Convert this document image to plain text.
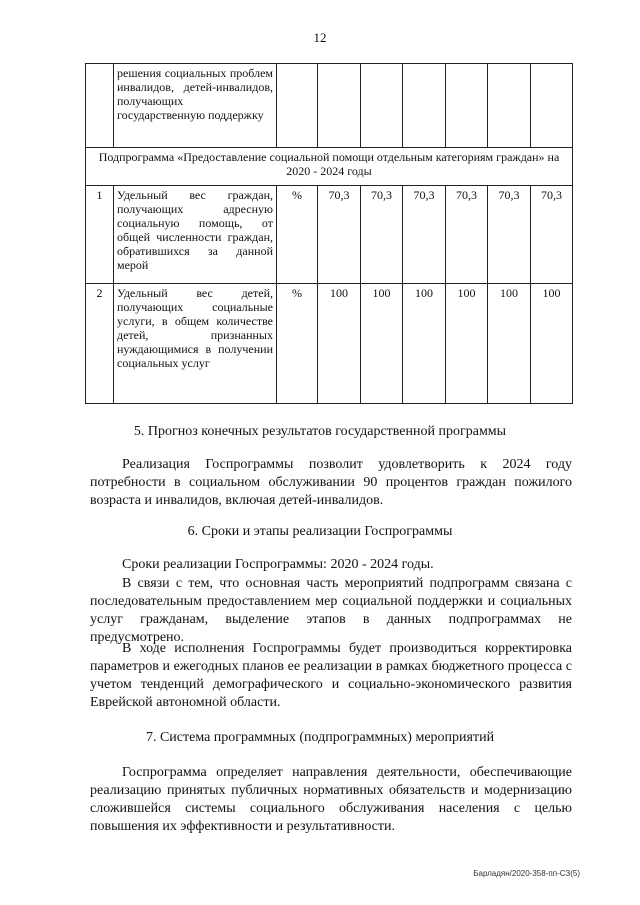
12
	решения социальных проблем инвалидов, детей-инвалидов, получающих государственную поддержку							
Подпрограмма «Предоставление социальной помощи отдельным категориям граждан» на 2020 - 2024 годы								
1	Удельный вес граждан, получающих адресную социальную помощь, от общей численности граждан, обратившихся за данной мерой	%	70,3	70,3	70,3	70,3	70,3	70,3
2	Удельный вес детей, получающих социальные услуги, в общем количестве детей, признанных нуждающимися в получении социальных услуг	%	100	100	100	100	100	100
5. Прогноз конечных результатов государственной программы
Реализация Госпрограммы позволит удовлетворить к 2024 году потребности в социальном обслуживании 90 процентов граждан пожилого возраста и инвалидов, включая детей-инвалидов.
6. Сроки и этапы реализации Госпрограммы
Сроки реализации Госпрограммы: 2020 - 2024 годы.
В связи с тем, что основная часть мероприятий подпрограмм связана с последовательным предоставлением мер социальной поддержки и социальных услуг гражданам, выделение этапов в данных подпрограммах не предусмотрено.
В ходе исполнения Госпрограммы будет производиться корректировка параметров и ежегодных планов ее реализации в рамках бюджетного процесса с учетом тенденций демографического и социально-экономического развития Еврейской автономной области.
7. Система программных (подпрограммных) мероприятий
Госпрограмма определяет направления деятельности, обеспечивающие реализацию принятых публичных нормативных обязательств и модернизацию сложившейся системы социального обслуживания населения с целью повышения их эффективности и результативности.
Барладян/2020-358-пп-СЗ(5)
